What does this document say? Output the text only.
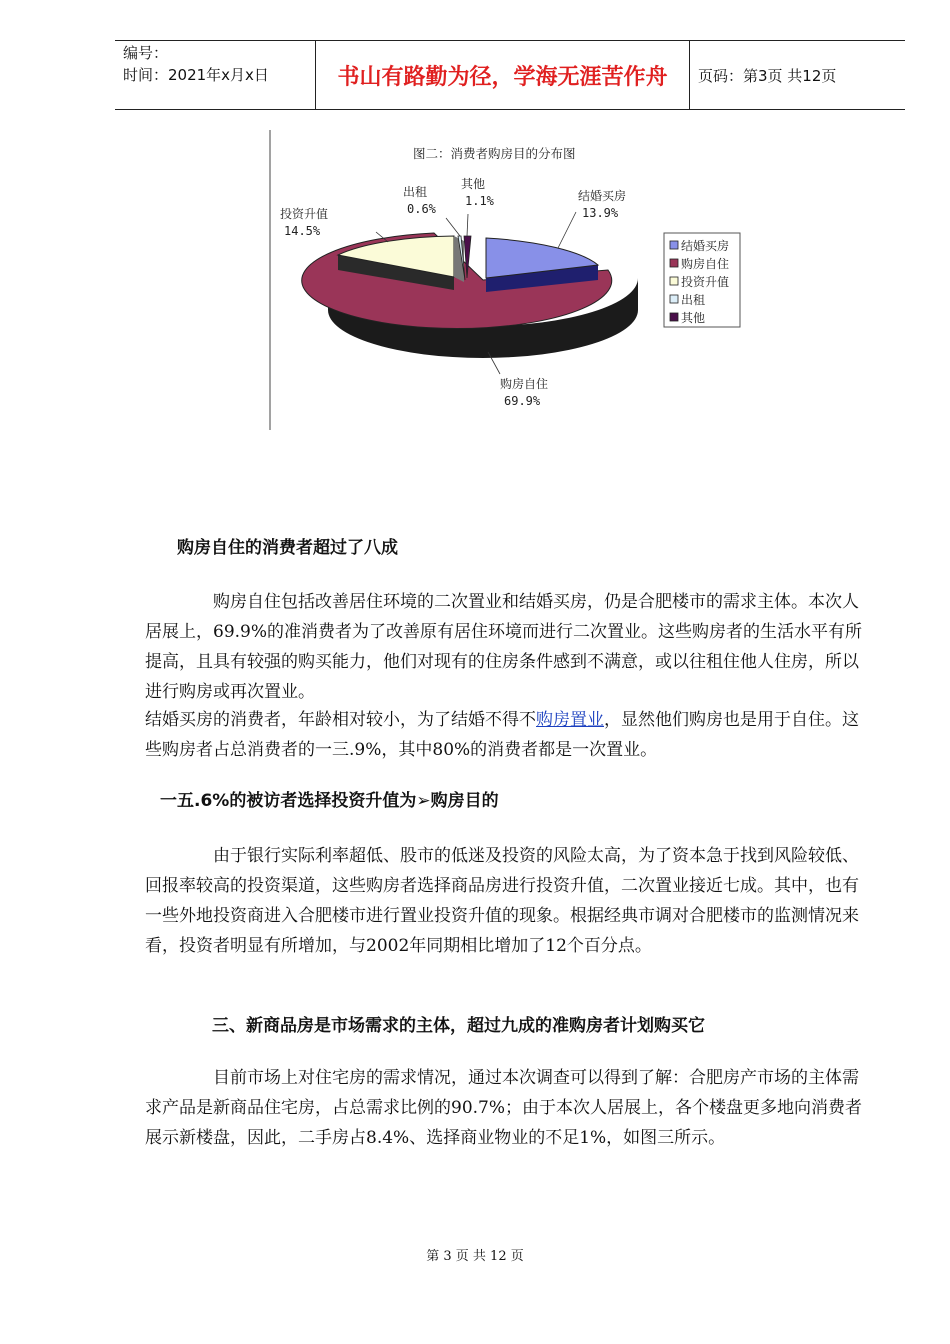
编号：
时间：2021年x月x日	书山有路勤为径，学海无涯苦作舟	页码：第3页 共12页
图二：消费者购房目的分布图
结婚买房
13.9%
购房自住
69.9%
投资升值
14.5%
出租
0.6%
其他
1.1%
结婚买房
购房自住
投资升值
出租
其他
购房自住的消费者超过了八成
购房自住包括改善居住环境的二次置业和结婚买房，仍是合肥楼市的需求主体。本次人居展上，69.9%的准消费者为了改善原有居住环境而进行二次置业。这些购房者的生活水平有所提高，且具有较强的购买能力，他们对现有的住房条件感到不满意，或以往租住他人住房，所以进行购房或再次置业。
结婚买房的消费者，年龄相对较小，为了结婚不得不购房置业，显然他们购房也是用于自住。这些购房者占总消费者的一三.9%，其中80%的消费者都是一次置业。
一五.6%的被访者选择投资升值为➢购房目的
由于银行实际利率超低、股市的低迷及投资的风险太高，为了资本急于找到风险较低、回报率较高的投资渠道，这些购房者选择商品房进行投资升值，二次置业接近七成。其中，也有一些外地投资商进入合肥楼市进行置业投资升值的现象。根据经典市调对合肥楼市的监测情况来看，投资者明显有所增加，与2002年同期相比增加了12个百分点。
三、新商品房是市场需求的主体，超过九成的准购房者计划购买它
目前市场上对住宅房的需求情况，通过本次调查可以得到了解：合肥房产市场的主体需求产品是新商品住宅房，占总需求比例的90.7%；由于本次人居展上，各个楼盘更多地向消费者展示新楼盘，因此，二手房占8.4%、选择商业物业的不足1%，如图三所示。
第 3 页 共 12 页
